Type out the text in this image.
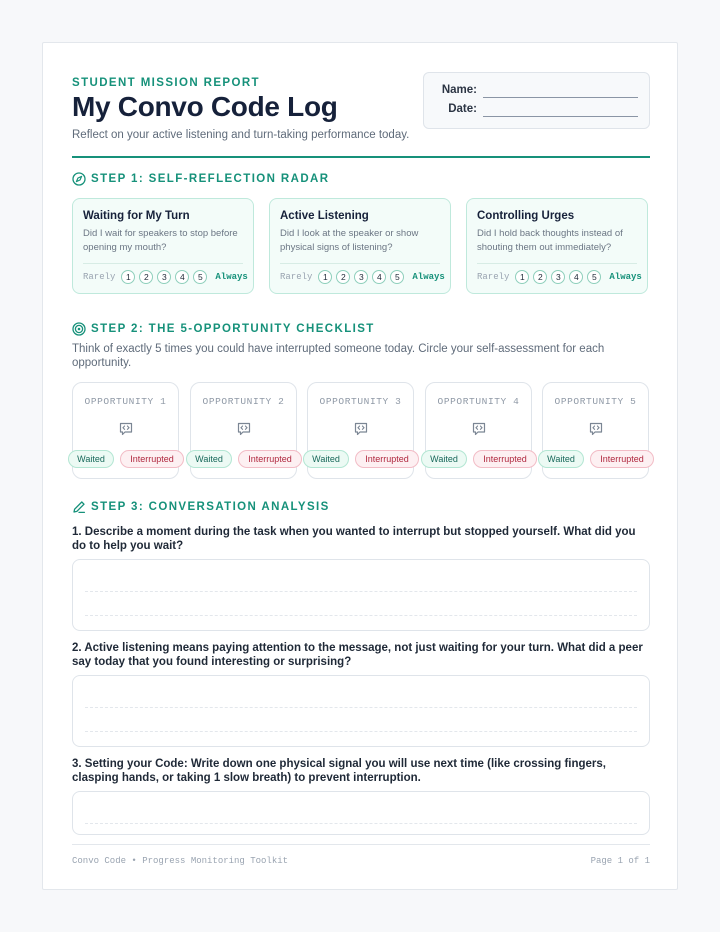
STUDENT MISSION REPORT
My Convo Code Log
Reflect on your active listening and turn-taking performance today.
Name:
Date:
STEP 1: SELF-REFLECTION RADAR
Waiting for My Turn
Did I wait for speakers to stop before opening my mouth?
Rarely	1	2	3	4	5	Always
Active Listening
Did I look at the speaker or show physical signs of listening?
Rarely	1	2	3	4	5	Always
Controlling Urges
Did I hold back thoughts instead of shouting them out immediately?
Rarely	1	2	3	4	5	Always
STEP 2: THE 5-OPPORTUNITY CHECKLIST
Think of exactly 5 times you could have interrupted someone today. Circle your self-assessment for each opportunity.
OPPORTUNITY 1
Waited	Interrupted
OPPORTUNITY 2
Waited	Interrupted
OPPORTUNITY 3
Waited	Interrupted
OPPORTUNITY 4
Waited	Interrupted
OPPORTUNITY 5
Waited	Interrupted
STEP 3: CONVERSATION ANALYSIS
1. Describe a moment during the task when you wanted to interrupt but stopped yourself. What did you do to help you wait?
2. Active listening means paying attention to the message, not just waiting for your turn. What did a peer say today that you found interesting or surprising?
3. Setting your Code: Write down one physical signal you will use next time (like crossing fingers, clasping hands, or taking 1 slow breath) to prevent interruption.
Convo Code • Progress Monitoring Toolkit	Page 1 of 1
